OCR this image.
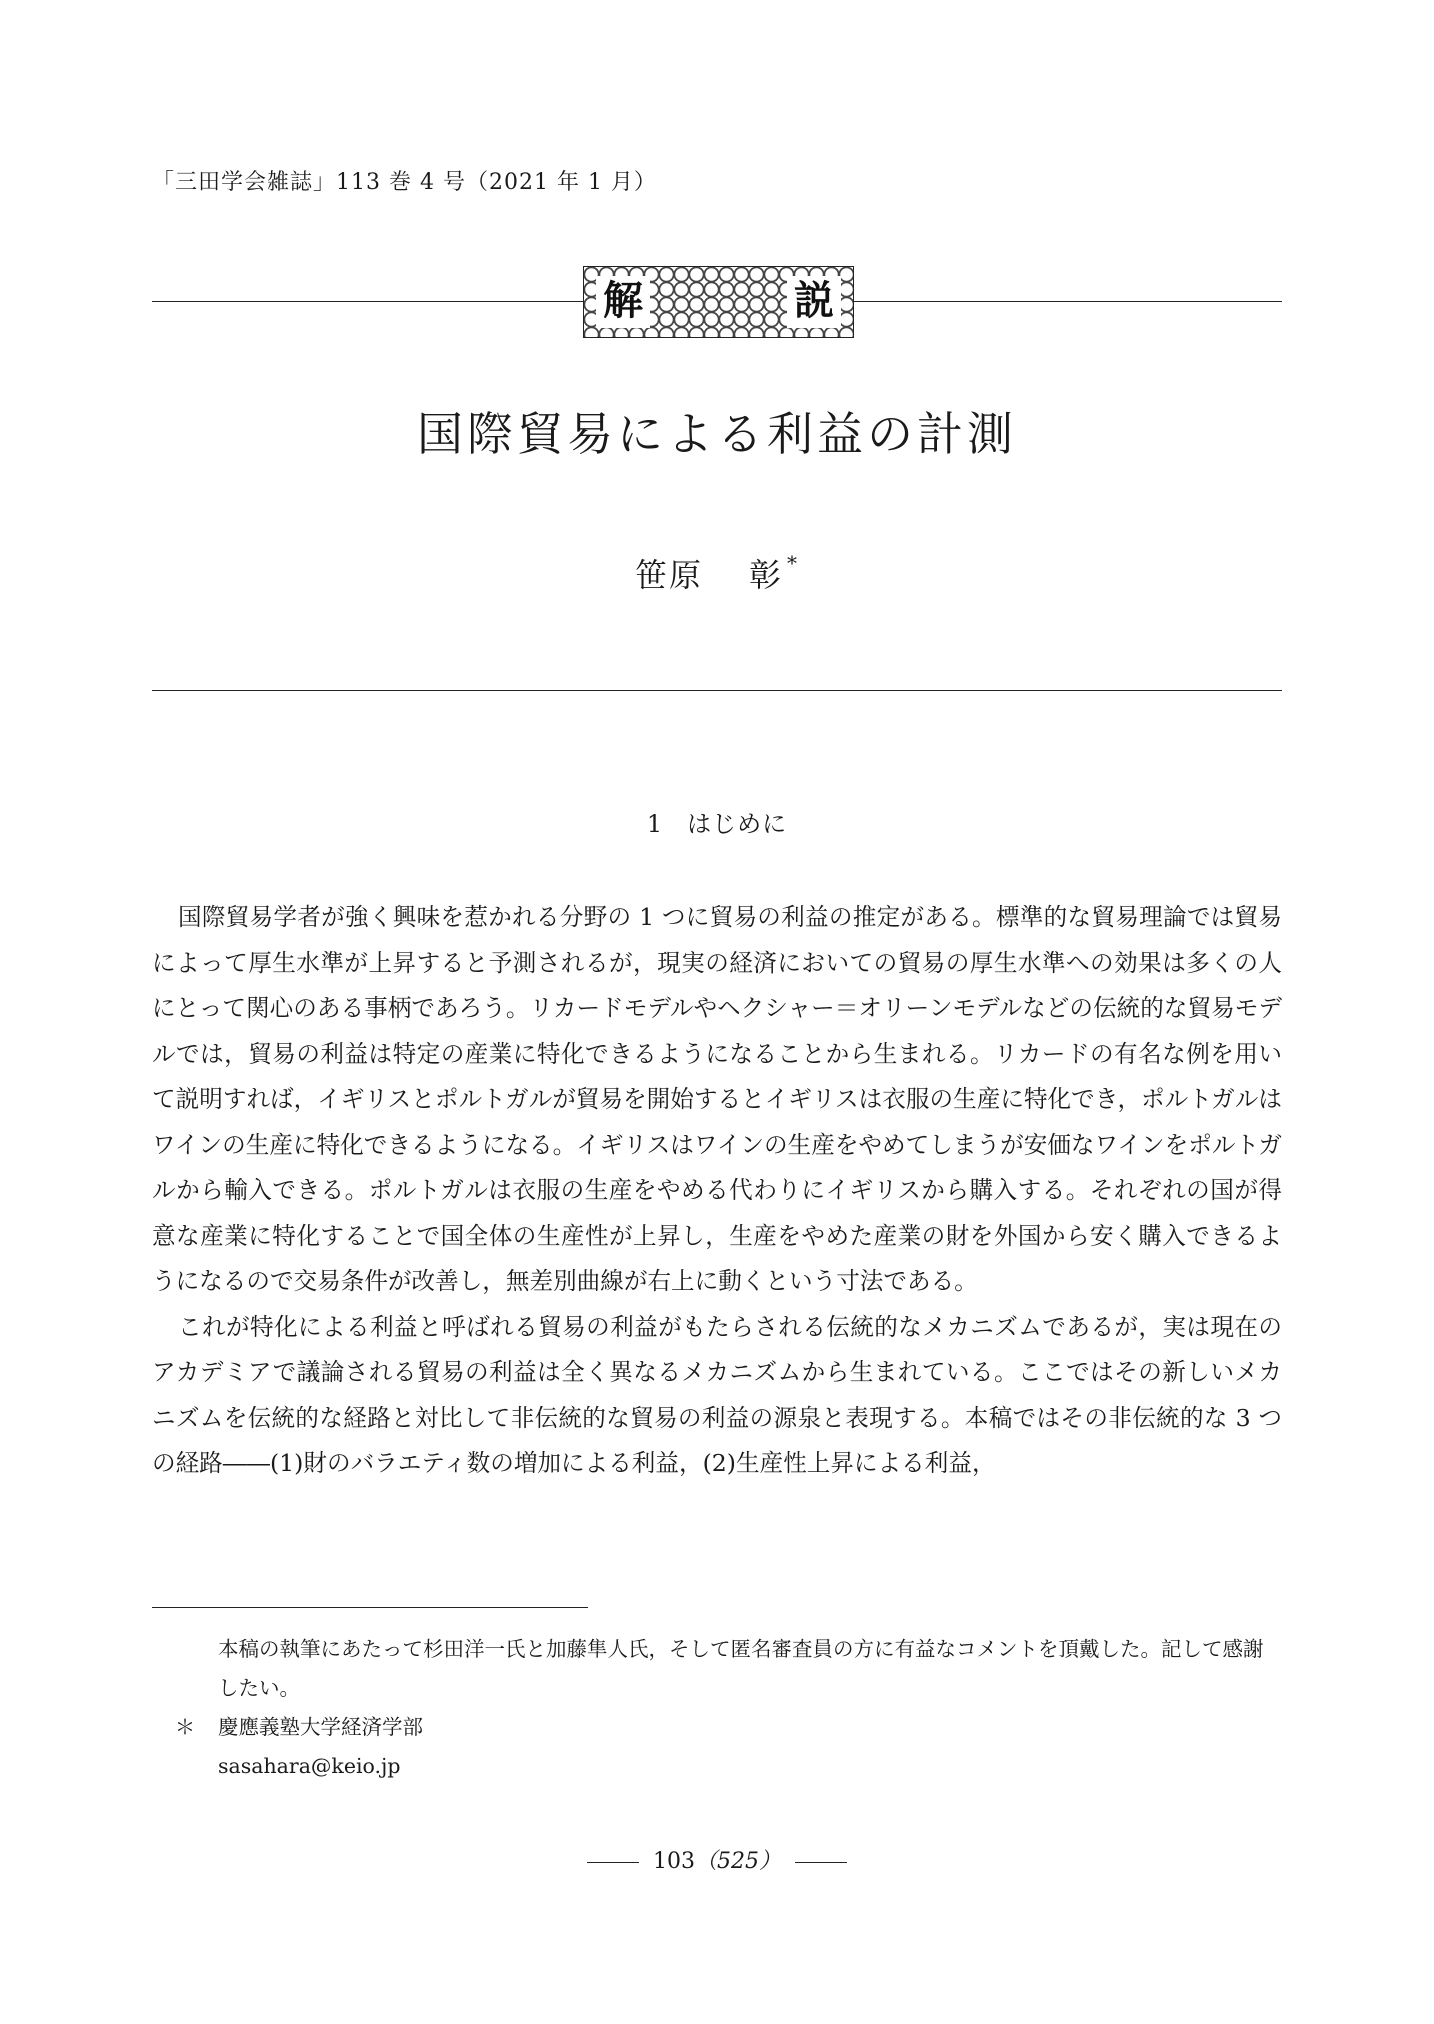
「三田学会雑誌」113 巻 4 号（2021 年 1 月）
解	説
国際貿易による利益の計測
笹原 彰 *
1 はじめに

国際貿易学者が強く興味を惹かれる分野の 1 つに貿易の利益の推定がある。標準的な貿易理論では貿易によって厚生水準が上昇すると予測されるが，現実の経済においての貿易の厚生水準への効果は多くの人にとって関心のある事柄であろう。リカードモデルやヘクシャー＝オリーンモデルなどの伝統的な貿易モデルでは，貿易の利益は特定の産業に特化できるようになることから生まれる。リカードの有名な例を用いて説明すれば，イギリスとポルトガルが貿易を開始するとイギリスは衣服の生産に特化でき，ポルトガルはワインの生産に特化できるようになる。イギリスはワインの生産をやめてしまうが安価なワインをポルトガルから輸入できる。ポルトガルは衣服の生産をやめる代わりにイギリスから購入する。それぞれの国が得意な産業に特化することで国全体の生産性が上昇し，生産をやめた産業の財を外国から安く購入できるようになるので交易条件が改善し，無差別曲線が右上に動くという寸法である。

これが特化による利益と呼ばれる貿易の利益がもたらされる伝統的なメカニズムであるが，実は現在のアカデミアで議論される貿易の利益は全く異なるメカニズムから生まれている。ここではその新しいメカニズムを伝統的な経路と対比して非伝統的な貿易の利益の源泉と表現する。本稿ではその非伝統的な 3 つの経路――(1)財のバラエティ数の増加による利益，(2)生産性上昇による利益，

本稿の執筆にあたって杉田洋一氏と加藤隼人氏，そして匿名審査員の方に有益なコメントを頂戴した。記して感謝したい。
＊ 慶應義塾大学経済学部
sasahara@keio.jp
103（525）
